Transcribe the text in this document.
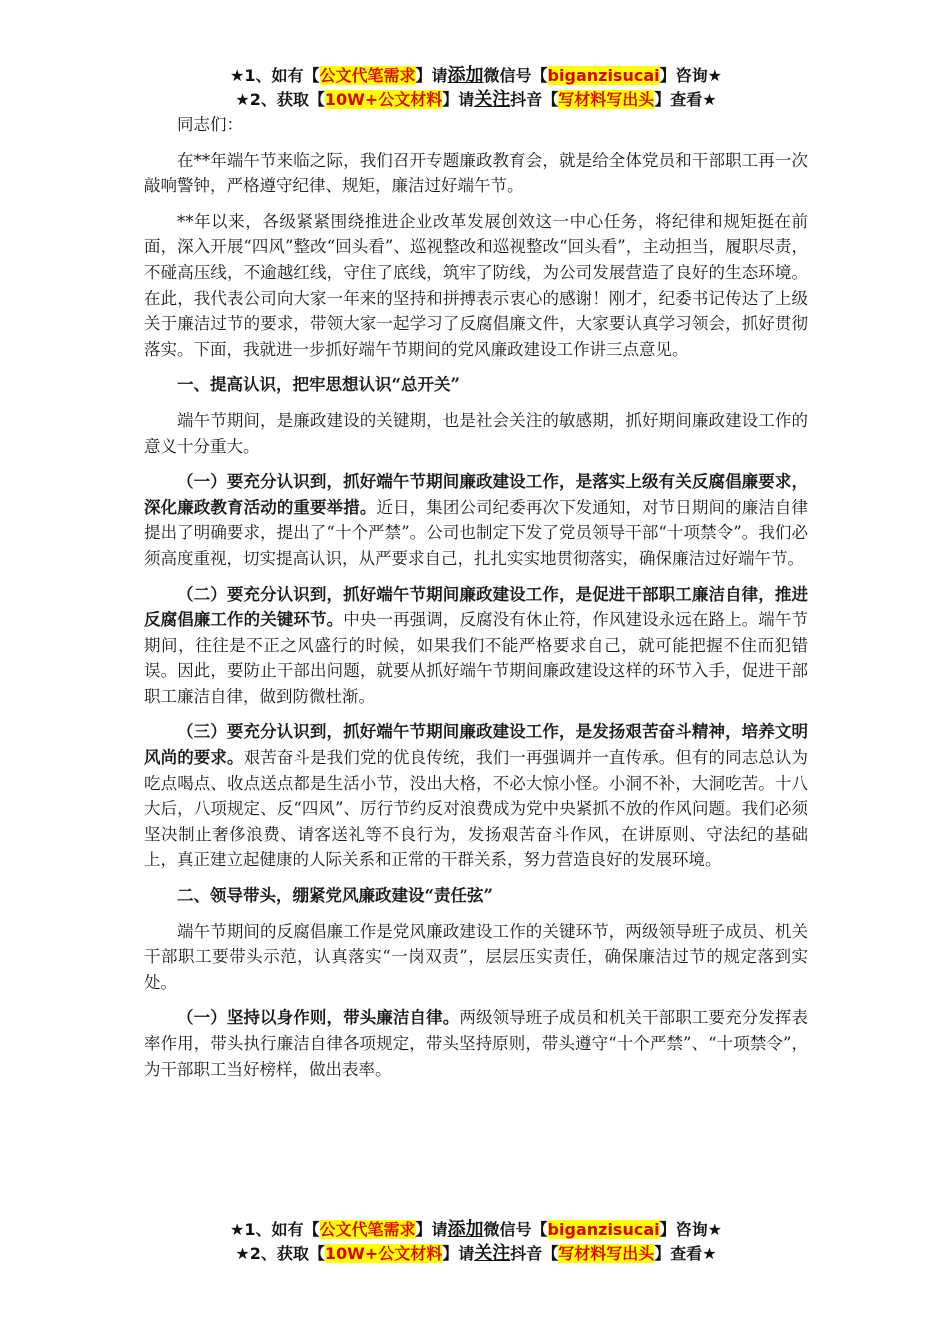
★1、如有【公文代笔需求】请添加微信号【biganzisucai】咨询★
★2、获取【10W+公文材料】请关注抖音【写材料写出头】查看★

同志们：

在**年端午节来临之际，我们召开专题廉政教育会，就是给全体党员和干部职工再一次敲响警钟，严格遵守纪律、规矩，廉洁过好端午节。

**年以来，各级紧紧围绕推进企业改革发展创效这一中心任务，将纪律和规矩挺在前面，深入开展“四风”整改“回头看”、巡视整改和巡视整改“回头看”，主动担当，履职尽责，不碰高压线，不逾越红线，守住了底线，筑牢了防线，为公司发展营造了良好的生态环境。在此，我代表公司向大家一年来的坚持和拼搏表示衷心的感谢！刚才，纪委书记传达了上级关于廉洁过节的要求，带领大家一起学习了反腐倡廉文件，大家要认真学习领会，抓好贯彻落实。下面，我就进一步抓好端午节期间的党风廉政建设工作讲三点意见。

一、提高认识，把牢思想认识“总开关”

端午节期间，是廉政建设的关键期，也是社会关注的敏感期，抓好期间廉政建设工作的意义十分重大。

（一）要充分认识到，抓好端午节期间廉政建设工作，是落实上级有关反腐倡廉要求，深化廉政教育活动的重要举措。近日，集团公司纪委再次下发通知，对节日期间的廉洁自律提出了明确要求，提出了“十个严禁”。公司也制定下发了党员领导干部“十项禁令”。我们必须高度重视，切实提高认识，从严要求自己，扎扎实实地贯彻落实，确保廉洁过好端午节。

（二）要充分认识到，抓好端午节期间廉政建设工作，是促进干部职工廉洁自律，推进反腐倡廉工作的关键环节。中央一再强调，反腐没有休止符，作风建设永远在路上。端午节期间，往往是不正之风盛行的时候，如果我们不能严格要求自己，就可能把握不住而犯错误。因此，要防止干部出问题，就要从抓好端午节期间廉政建设这样的环节入手，促进干部职工廉洁自律，做到防微杜渐。

（三）要充分认识到，抓好端午节期间廉政建设工作，是发扬艰苦奋斗精神，培养文明风尚的要求。艰苦奋斗是我们党的优良传统，我们一再强调并一直传承。但有的同志总认为吃点喝点、收点送点都是生活小节，没出大格，不必大惊小怪。小洞不补，大洞吃苦。十八大后，八项规定、反“四风”、厉行节约反对浪费成为党中央紧抓不放的作风问题。我们必须坚决制止奢侈浪费、请客送礼等不良行为，发扬艰苦奋斗作风，在讲原则、守法纪的基础上，真正建立起健康的人际关系和正常的干群关系，努力营造良好的发展环境。

二、领导带头，绷紧党风廉政建设“责任弦”

端午节期间的反腐倡廉工作是党风廉政建设工作的关键环节，两级领导班子成员、机关干部职工要带头示范，认真落实“一岗双责”，层层压实责任，确保廉洁过节的规定落到实处。

（一）坚持以身作则，带头廉洁自律。两级领导班子成员和机关干部职工要充分发挥表率作用，带头执行廉洁自律各项规定，带头坚持原则，带头遵守“十个严禁”、“十项禁令”，为干部职工当好榜样，做出表率。

★1、如有【公文代笔需求】请添加微信号【biganzisucai】咨询★
★2、获取【10W+公文材料】请关注抖音【写材料写出头】查看★
